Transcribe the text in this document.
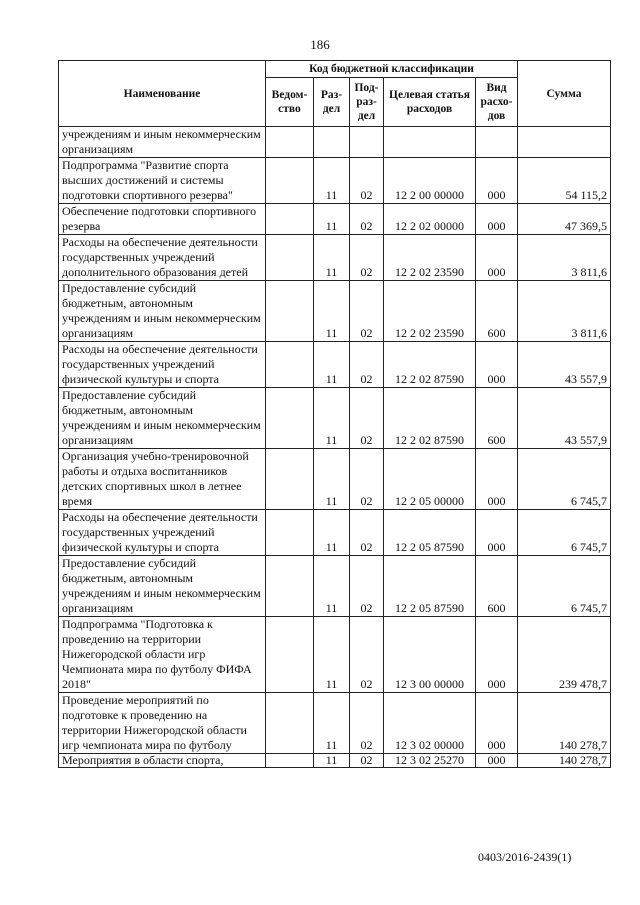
186
Наименование	Код бюджетной классификации					Сумма
	Ведом-ство	Раз-дел	Под-раз-дел	Целевая статья расходов	Вид расхо-дов	
учреждениям и иным некоммерческим организациям						
Подпрограмма "Развитие спорта высших достижений и системы подготовки спортивного резерва"		11	02	12 2 00 00000	000	54 115,2
Обеспечение подготовки спортивного резерва		11	02	12 2 02 00000	000	47 369,5
Расходы на обеспечение деятельности государственных учреждений дополнительного образования детей		11	02	12 2 02 23590	000	3 811,6
Предоставление субсидий бюджетным, автономным учреждениям и иным некоммерческим организациям		11	02	12 2 02 23590	600	3 811,6
Расходы на обеспечение деятельности государственных учреждений физической культуры и спорта		11	02	12 2 02 87590	000	43 557,9
Предоставление субсидий бюджетным, автономным учреждениям и иным некоммерческим организациям		11	02	12 2 02 87590	600	43 557,9
Организация учебно-тренировочной работы и отдыха воспитанников детских спортивных школ в летнее время		11	02	12 2 05 00000	000	6 745,7
Расходы на обеспечение деятельности государственных учреждений физической культуры и спорта		11	02	12 2 05 87590	000	6 745,7
Предоставление субсидий бюджетным, автономным учреждениям и иным некоммерческим организациям		11	02	12 2 05 87590	600	6 745,7
Подпрограмма "Подготовка к проведению на территории Нижегородской области игр Чемпионата мира по футболу ФИФА 2018"		11	02	12 3 00 00000	000	239 478,7
Проведение мероприятий по подготовке к проведению на территории Нижегородской области игр чемпионата мира по футболу		11	02	12 3 02 00000	000	140 278,7
Мероприятия в области спорта,		11	02	12 3 02 25270	000	140 278,7
0403/2016-2439(1)
